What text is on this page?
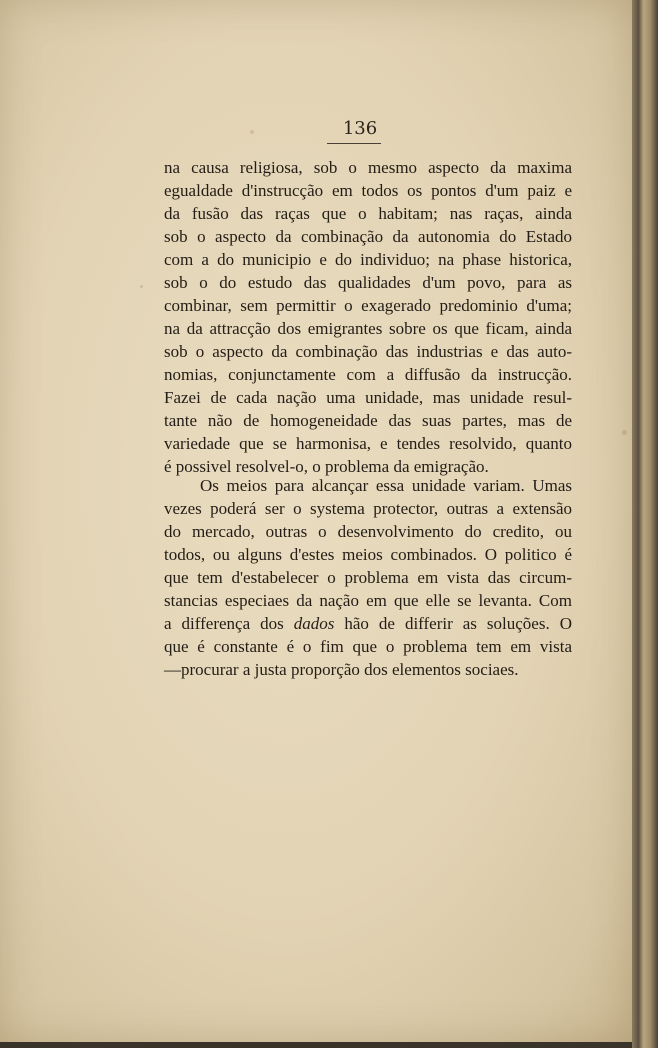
136
na causa religiosa, sob o mesmo aspecto da maxima
egualdade d'instrucção em todos os pontos d'um paiz e
da fusão das raças que o habitam; nas raças, ainda
sob o aspecto da combinação da autonomia do Estado
com a do municipio e do individuo; na phase historica,
sob o do estudo das qualidades d'um povo, para as
combinar, sem permittir o exagerado predominio d'uma;
na da attracção dos emigrantes sobre os que ficam, ainda
sob o aspecto da combinação das industrias e das auto-
nomias, conjunctamente com a diffusão da instrucção.
Fazei de cada nação uma unidade, mas unidade resul-
tante não de homogeneidade das suas partes, mas de
variedade que se harmonisa, e tendes resolvido, quanto
é possivel resolvel-o, o problema da emigração.
Os meios para alcançar essa unidade variam. Umas
vezes poderá ser o systema protector, outras a extensão
do mercado, outras o desenvolvimento do credito, ou
todos, ou alguns d'estes meios combinados. O politico é
que tem d'estabelecer o problema em vista das circum-
stancias especiaes da nação em que elle se levanta. Com
a differença dos dados hão de differir as soluções. O
que é constante é o fim que o problema tem em vista
—procurar a justa proporção dos elementos sociaes.
